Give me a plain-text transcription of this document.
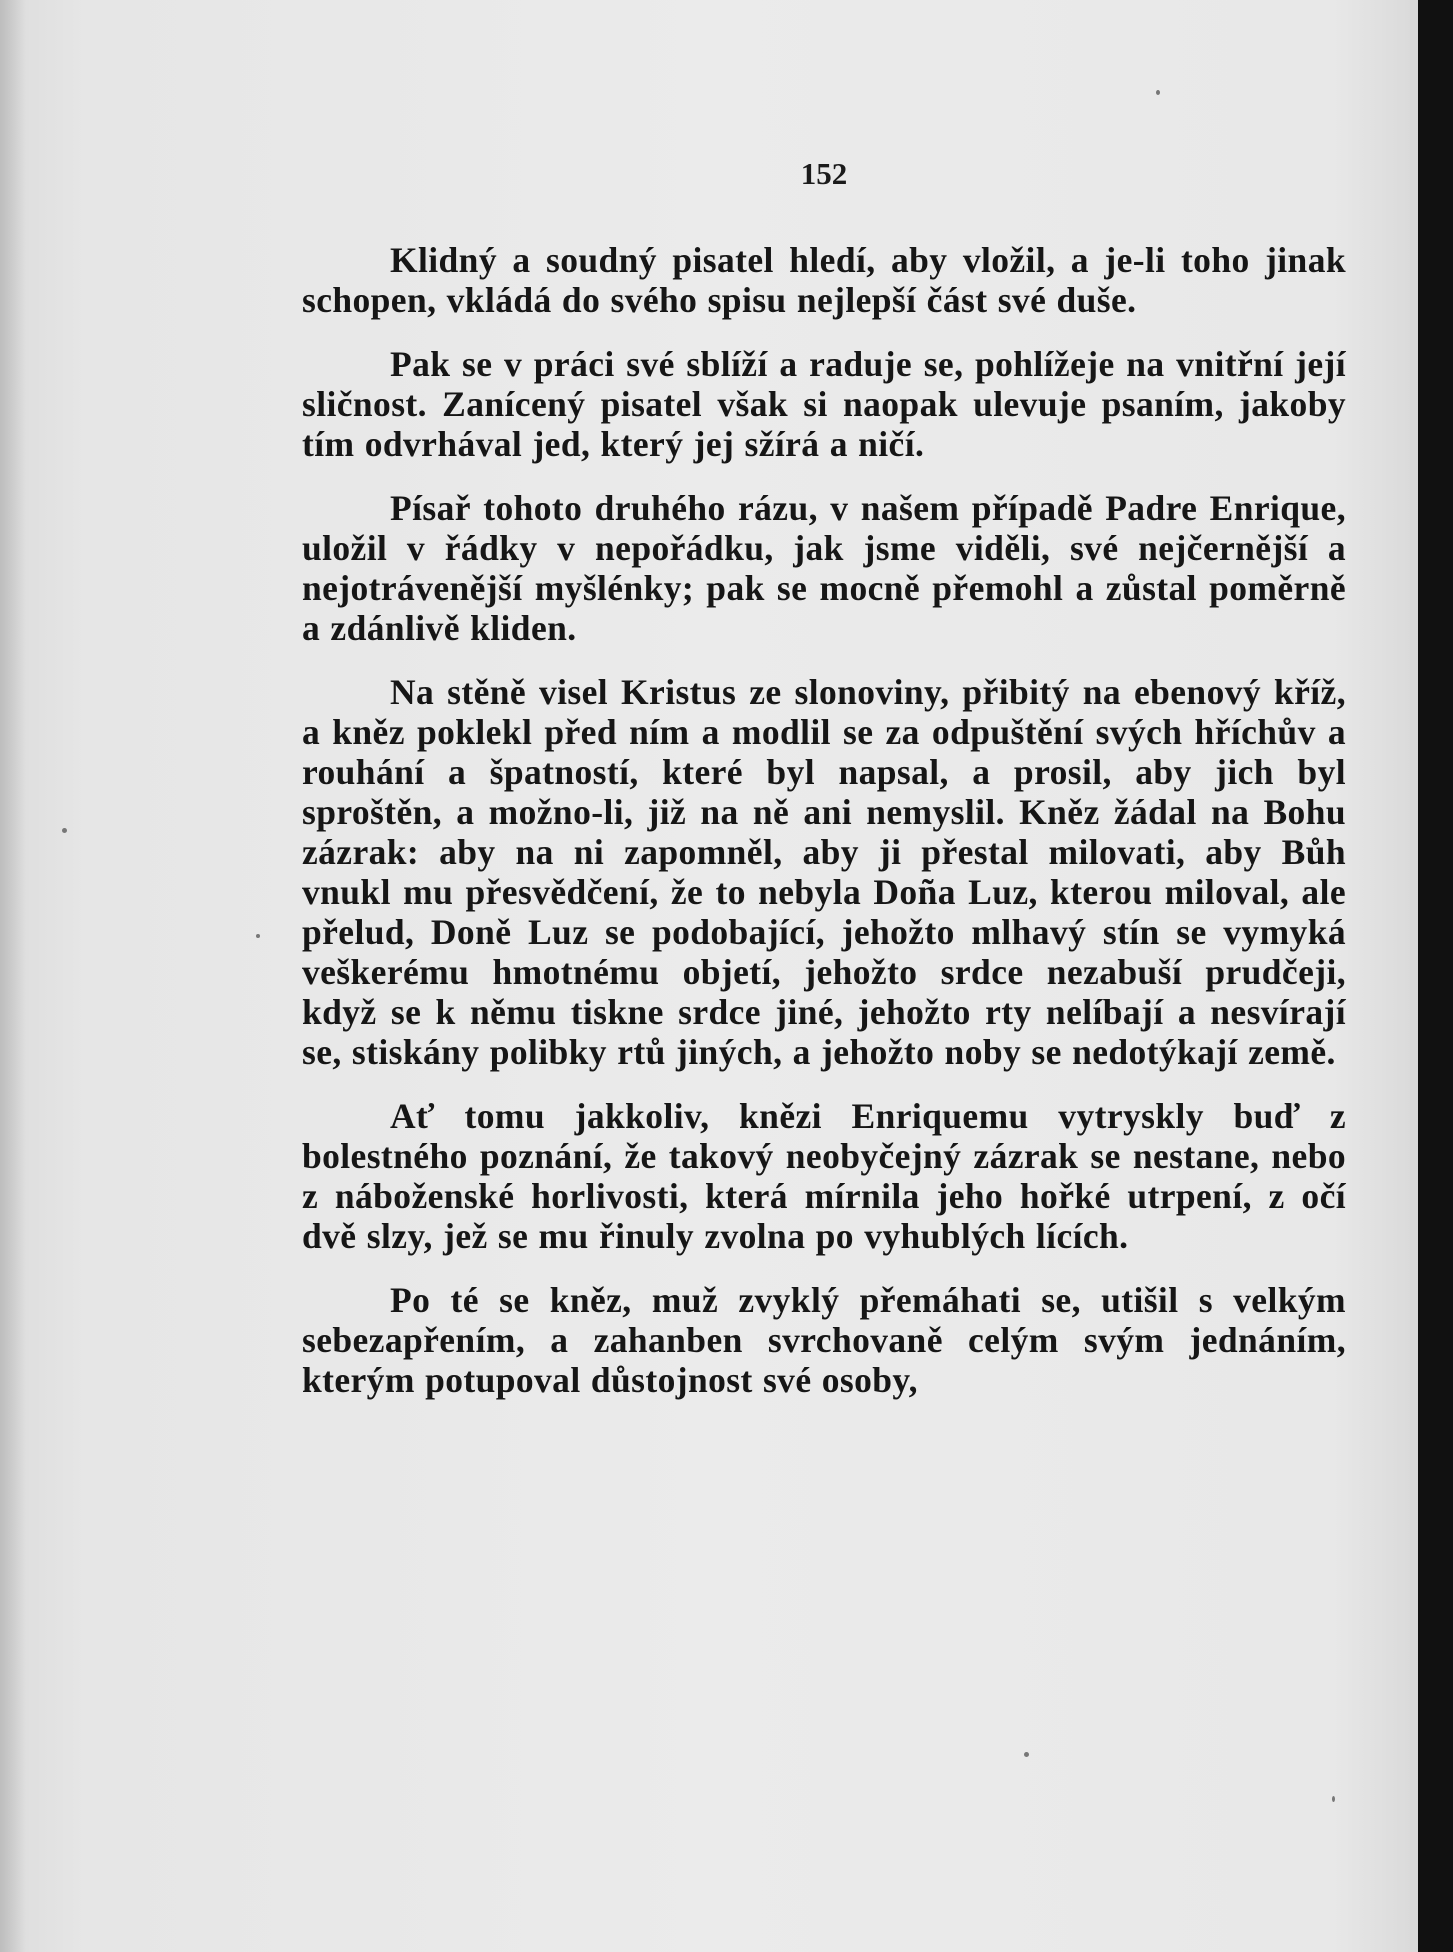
152

Klidný a soudný pisatel hledí, aby vložil, a je-li toho jinak schopen, vkládá do svého spisu nejlepší část své duše.

Pak se v práci své sblíží a raduje se, pohlížeje na vnitřní její sličnost. Zanícený pisatel však si naopak ulevuje psaním, jakoby tím odvrhával jed, který jej sžírá a ničí.

Písař tohoto druhého rázu, v našem případě Padre Enrique, uložil v řádky v nepořádku, jak jsme viděli, své nejčernější a nejotrávenější myšlénky; pak se mocně přemohl a zůstal poměrně a zdánlivě kliden.

Na stěně visel Kristus ze slonoviny, přibitý na ebenový kříž, a kněz poklekl před ním a modlil se za odpuštění svých hříchův a rouhání a špatností, které byl napsal, a prosil, aby jich byl sproštěn, a možno-li, již na ně ani nemyslil. Kněz žádal na Bohu zázrak: aby na ni zapomněl, aby ji přestal milovati, aby Bůh vnukl mu přesvědčení, že to nebyla Doña Luz, kterou miloval, ale přelud, Doně Luz se podobající, jehožto mlhavý stín se vymyká veškerému hmotnému objetí, jehožto srdce nezabuší prudčeji, když se k němu tiskne srdce jiné, jehožto rty nelíbají a nesvírají se, stiskány polibky rtů jiných, a jehožto noby se nedotýkají země.

Ať tomu jakkoliv, knězi Enriquemu vytryskly buď z bolestného poznání, že takový neobyčejný zázrak se nestane, nebo z náboženské horlivosti, která mírnila jeho hořké utrpení, z očí dvě slzy, jež se mu řinuly zvolna po vyhublých lících.

Po té se kněz, muž zvyklý přemáhati se, utišil s velkým sebezapřením, a zahanben svrchovaně celým svým jednáním, kterým potupoval důstojnost své osoby,
